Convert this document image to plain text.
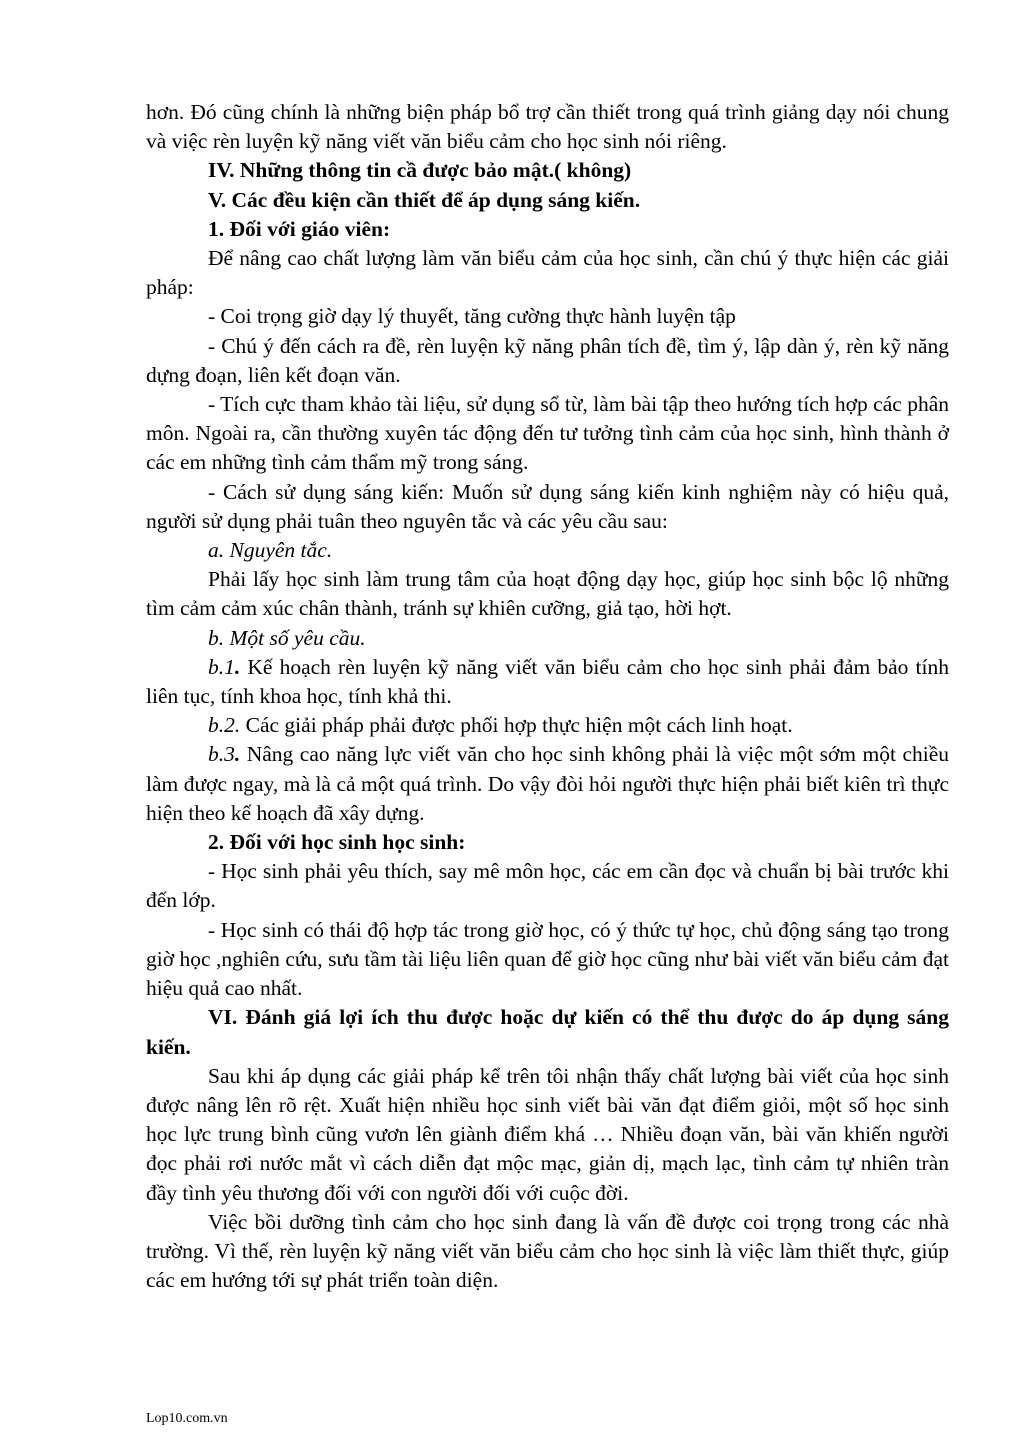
hơn. Đó cũng chính là những biện pháp bổ trợ cần thiết trong quá trình giảng dạy nói chung và việc rèn luyện kỹ năng viết văn biểu cảm cho học sinh nói riêng.

IV. Những thông tin cầ được bảo mật.( không)

V. Các đều kiện cần thiết để áp dụng sáng kiến.

1. Đối với giáo viên:

Để nâng cao chất lượng làm văn biểu cảm của học sinh, cần chú ý thực hiện các giải pháp:

- Coi trọng giờ dạy lý thuyết, tăng cường thực hành luyện tập

- Chú ý đến cách ra đề, rèn luyện kỹ năng phân tích đề, tìm ý, lập dàn ý, rèn kỹ năng dựng đoạn, liên kết đoạn văn.

- Tích cực tham khảo tài liệu, sử dụng sổ từ, làm bài tập theo hướng tích hợp các phân môn. Ngoài ra, cần thường xuyên tác động đến tư tưởng tình cảm của học sinh, hình thành ở các em những tình cảm thẩm mỹ trong sáng.

- Cách sử dụng sáng kiến: Muốn sử dụng sáng kiến kinh nghiệm này có hiệu quả, người sử dụng phải tuân theo nguyên tắc và các yêu cầu sau:

a. Nguyên tắc.

Phải lấy học sinh làm trung tâm của hoạt động dạy học, giúp học sinh bộc lộ những tìm cảm cảm xúc chân thành, tránh sự khiên cưỡng, giả tạo, hời hợt.

b. Một số yêu cầu.

b.1. Kế hoạch rèn luyện kỹ năng viết văn biểu cảm cho học sinh phải đảm bảo tính liên tục, tính khoa học, tính khả thi.

b.2. Các giải pháp phải được phối hợp thực hiện một cách linh hoạt.

b.3. Nâng cao năng lực viết văn cho học sinh không phải là việc một sớm một chiều làm được ngay, mà là cả một quá trình. Do vậy đòi hỏi người thực hiện phải biết kiên trì thực hiện theo kế hoạch đã xây dựng.

2. Đối với học sinh học sinh:

- Học sinh phải yêu thích, say mê môn học, các em cần đọc và chuẩn bị bài trước khi đến lớp.

- Học sinh có thái độ hợp tác trong giờ học, có ý thức tự học, chủ động sáng tạo trong giờ học ,nghiên cứu, sưu tầm tài liệu liên quan để giờ học cũng như bài viết văn biểu cảm đạt hiệu quả cao nhất.

VI. Đánh giá lợi ích thu được hoặc dự kiến có thể thu được do áp dụng sáng kiến.

Sau khi áp dụng các giải pháp kể trên tôi nhận thấy chất lượng bài viết của học sinh được nâng lên rõ rệt. Xuất hiện nhiều học sinh viết bài văn đạt điểm giỏi, một số học sinh học lực trung bình cũng vươn lên giành điểm khá … Nhiều đoạn văn, bài văn khiến người đọc phải rơi nước mắt vì cách diễn đạt mộc mạc, giản dị, mạch lạc, tình cảm tự nhiên tràn đầy tình yêu thương đối với con người đối với cuộc đời.

Việc bồi dưỡng tình cảm cho học sinh đang là vấn đề được coi trọng trong các nhà trường. Vì thế, rèn luyện kỹ năng viết văn biểu cảm cho học sinh là việc làm thiết thực, giúp các em hướng tới sự phát triển toàn diện.

Lop10.com.vn
